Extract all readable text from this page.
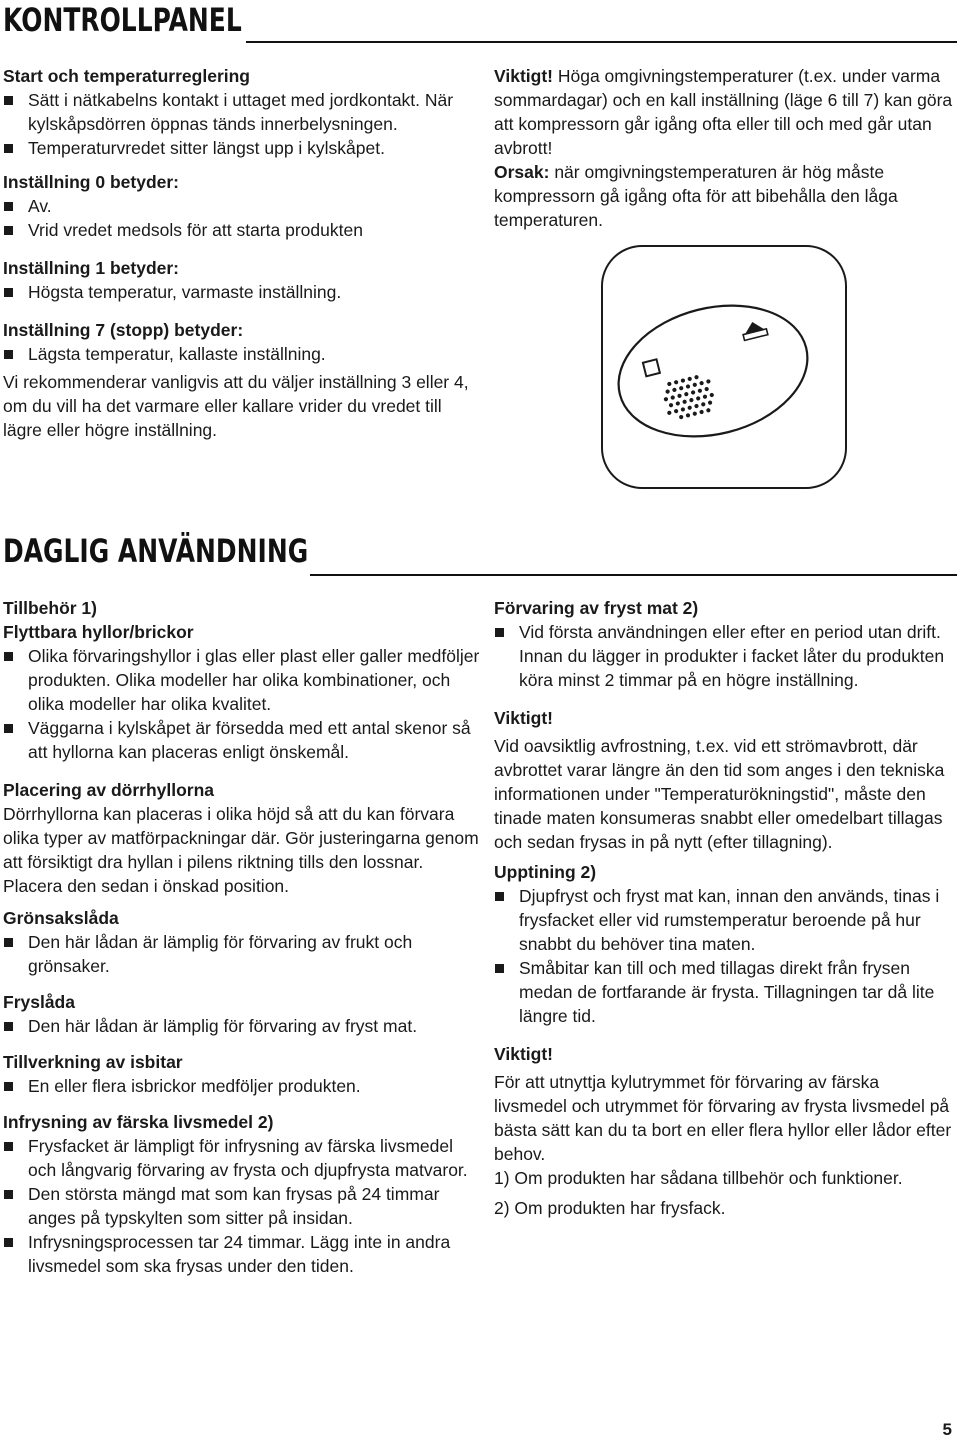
KONTROLLPANEL

Start och temperaturreglering

Sätt i nätkabelns kontakt i uttaget med jordkontakt. När kylskåpsdörren öppnas tänds innerbelysningen.
Temperaturvredet sitter längst upp i kylskåpet.

Inställning 0 betyder:

Av.
Vrid vredet medsols för att starta produkten

Inställning 1 betyder:

Högsta temperatur, varmaste inställning.

Inställning 7 (stopp) betyder:

Lägsta temperatur, kallaste inställning.

Vi rekommenderar vanligvis att du väljer inställning 3 eller 4, om du vill ha det varmare eller kallare vrider du vredet till lägre eller högre inställning.

Viktigt! Höga omgivningstemperaturer (t.ex. under varma sommardagar) och en kall inställning (läge 6 till 7) kan göra att kompressorn går igång ofta eller till och med går utan avbrott!

Orsak: när omgivningstemperaturen är hög måste kompressorn gå igång ofta för att bibehålla den låga temperaturen.

DAGLIG ANVÄNDNING

Tillbehör 1)

Flyttbara hyllor/brickor

Olika förvaringshyllor i glas eller plast eller galler medföljer produkten. Olika modeller har olika kombinationer, och olika modeller har olika kvalitet.
Väggarna i kylskåpet är försedda med ett antal skenor så att hyllorna kan placeras enligt önskemål.

Placering av dörrhyllorna

Dörrhyllorna kan placeras i olika höjd så att du kan förvara olika typer av matförpackningar där. Gör justeringarna genom att försiktigt dra hyllan i pilens riktning tills den lossnar. Placera den sedan i önskad position.

Grönsakslåda

Den här lådan är lämplig för förvaring av frukt och grönsaker.

Fryslåda

Den här lådan är lämplig för förvaring av fryst mat.

Tillverkning av isbitar

En eller flera isbrickor medföljer produkten.

Infrysning av färska livsmedel 2)

Frysfacket är lämpligt för infrysning av färska livsmedel och långvarig förvaring av frysta och djupfrysta matvaror.
Den största mängd mat som kan frysas på 24 timmar anges på typskylten som sitter på insidan.
Infrysningsprocessen tar 24 timmar. Lägg inte in andra livsmedel som ska frysas under den tiden.

Förvaring av fryst mat 2)

Vid första användningen eller efter en period utan drift. Innan du lägger in produkter i facket låter du produkten köra minst 2 timmar på en högre inställning.

Viktigt!

Vid oavsiktlig avfrostning, t.ex. vid ett strömavbrott, där avbrottet varar längre än den tid som anges i den tekniska informationen under "Temperaturökningstid", måste den tinade maten konsumeras snabbt eller omedelbart tillagas och sedan frysas in på nytt (efter tillagning).

Upptining 2)

Djupfryst och fryst mat kan, innan den används, tinas i frysfacket eller vid rumstemperatur beroende på hur snabbt du behöver tina maten.
Småbitar kan till och med tillagas direkt från frysen medan de fortfarande är frysta. Tillagningen tar då lite längre tid.

Viktigt!

För att utnyttja kylutrymmet för förvaring av färska livsmedel och utrymmet för förvaring av frysta livsmedel på bästa sätt kan du ta bort en eller flera hyllor eller lådor efter behov.

1) Om produkten har sådana tillbehör och funktioner.

2) Om produkten har frysfack.

5
